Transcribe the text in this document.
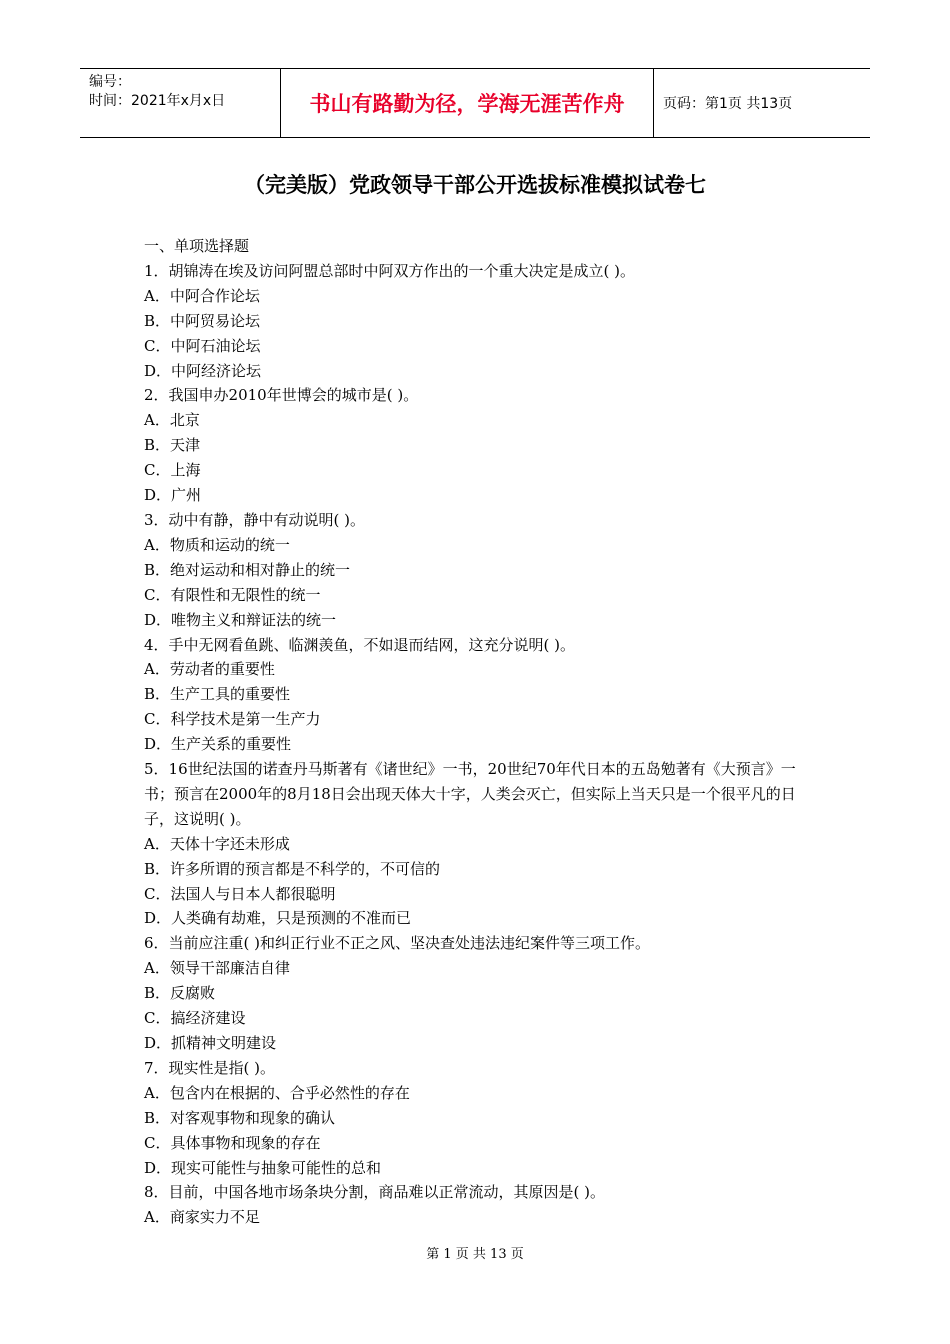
编号：
时间：2021年x月x日	书山有路勤为径，学海无涯苦作舟	页码：第1页 共13页
（完美版）党政领导干部公开选拔标准模拟试卷七
一、单项选择题
1．胡锦涛在埃及访问阿盟总部时中阿双方作出的一个重大决定是成立( )。
A．中阿合作论坛
B．中阿贸易论坛
C．中阿石油论坛
D．中阿经济论坛
2．我国申办2010年世博会的城市是( )。
A．北京
B．天津
C．上海
D．广州
3．动中有静，静中有动说明( )。
A．物质和运动的统一
B．绝对运动和相对静止的统一
C．有限性和无限性的统一
D．唯物主义和辩证法的统一
4．手中无网看鱼跳、临渊羡鱼，不如退而结网，这充分说明( )。
A．劳动者的重要性
B．生产工具的重要性
C．科学技术是第一生产力
D．生产关系的重要性
5．16世纪法国的诺查丹马斯著有《诸世纪》一书，20世纪70年代日本的五岛勉著有《大预言》一书；预言在2000年的8月18日会出现天体大十字，人类会灭亡，但实际上当天只是一个很平凡的日子，这说明( )。
A．天体十字还未形成
B．许多所谓的预言都是不科学的，不可信的
C．法国人与日本人都很聪明
D．人类确有劫难，只是预测的不准而已
6．当前应注重( )和纠正行业不正之风、坚决查处违法违纪案件等三项工作。
A．领导干部廉洁自律
B．反腐败
C．搞经济建设
D．抓精神文明建设
7．现实性是指( )。
A．包含内在根据的、合乎必然性的存在
B．对客观事物和现象的确认
C．具体事物和现象的存在
D．现实可能性与抽象可能性的总和
8．目前，中国各地市场条块分割，商品难以正常流动，其原因是( )。
A．商家实力不足
第 1 页 共 13 页
